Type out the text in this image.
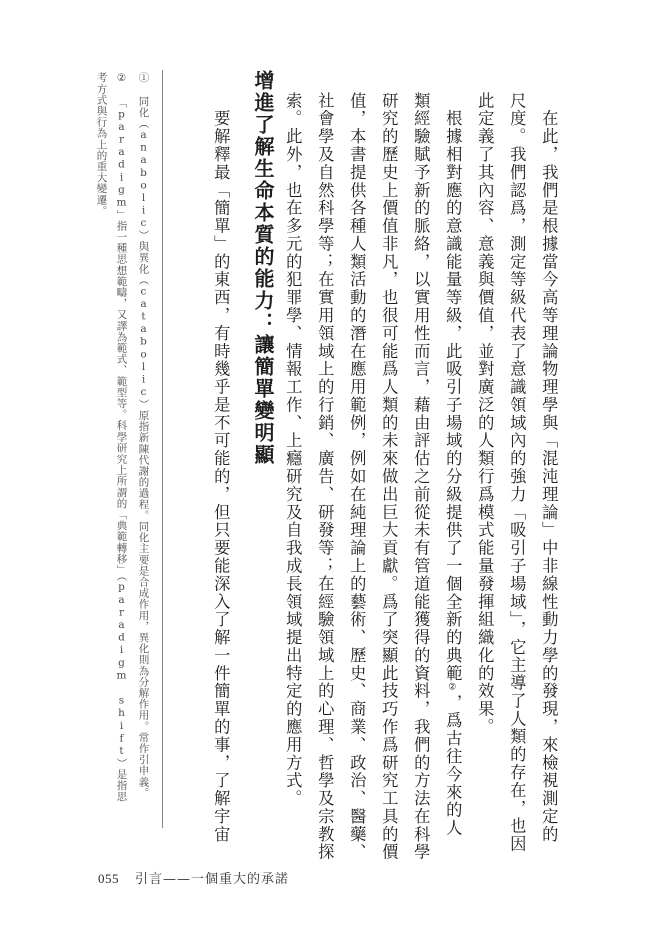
　在此，我們是根據當今高等理論物理學與「混沌理論」中非線性動力學的發現，來檢視測定的
尺度。我們認爲，測定等級代表了意識領域內的強力「吸引子場域」，它主導了人類的存在，也因
此定義了其內容、意義與價值，並對廣泛的人類行爲模式能量發揮組織化的效果。
　根據相對應的意識能量等級，此吸引子場域的分級提供了一個全新的典範②，爲古往今來的人
類經驗賦予新的脈絡，以實用性而言，藉由評估之前從未有管道能獲得的資料，我們的方法在科學
研究的歷史上價值非凡，也很可能爲人類的未來做出巨大貢獻。爲了突顯此技巧作爲研究工具的價
值，本書提供各種人類活動的潛在應用範例，例如在純理論上的藝術、歷史、商業、政治、醫藥、
社會學及自然科學等；在實用領域上的行銷、廣告、研發等；在經驗領域上的心理、哲學及宗教探
索。此外，也在多元的犯罪學、情報工作、上癮研究及自我成長領域提出特定的應用方式。
增進了解生命本質的能力：讓簡單變明顯
　要解釋最「簡單」的東西，有時幾乎是不可能的，但只要能深入了解一件簡單的事，了解宇宙
① 同化（anabolic）與異化（catabolic）原指新陳代謝的過程。同化主要是合成作用，異化則為分解作用。常作引申義。
② 「paradigm」指一種思想範疇，又譯為範式、範型等。科學研究上所謂的「典範轉移」（paradigm shift）是指思
考方式與行為上的重大變遷。
055 引言——一個重大的承諾
